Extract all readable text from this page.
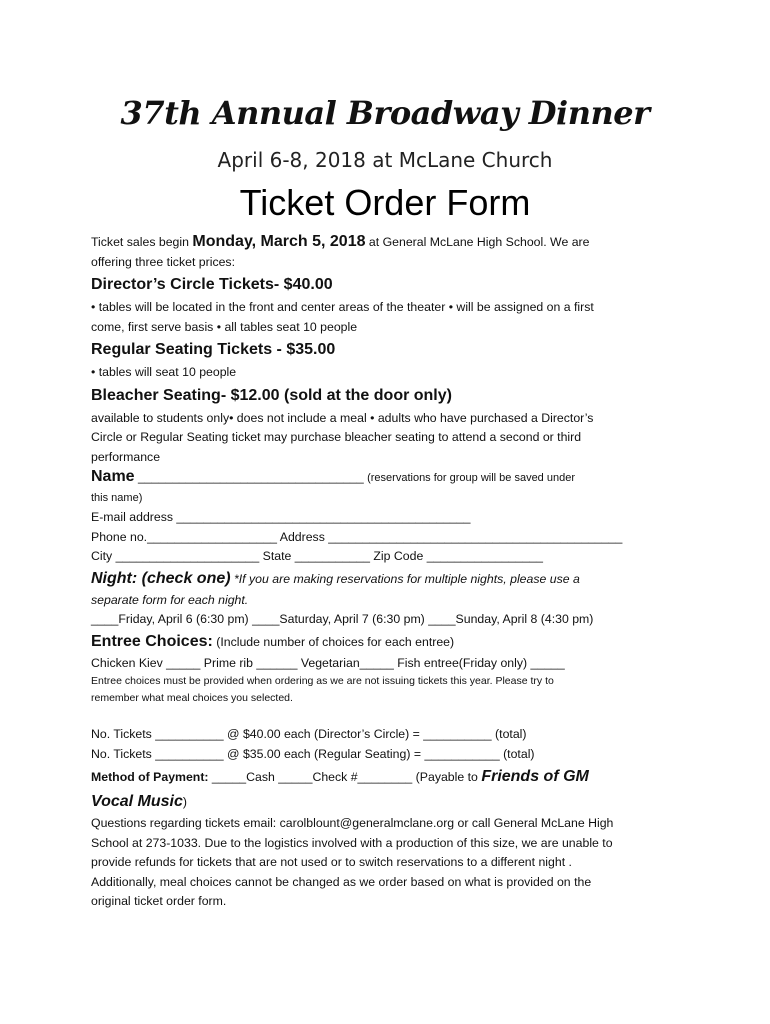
37th Annual Broadway Dinner
April 6-8, 2018 at McLane Church
Ticket Order Form
Ticket sales begin Monday, March 5, 2018 at General McLane High School. We are
offering three ticket prices:
Director’s Circle Tickets- $40.00
• tables will be located in the front and center areas of the theater • will be assigned on a first
come, first serve basis • all tables seat 10 people
Regular Seating Tickets - $35.00
• tables will seat 10 people
Bleacher Seating- $12.00 (sold at the door only)
available to students only• does not include a meal • adults who have purchased a Director’s
Circle or Regular Seating ticket may purchase bleacher seating to attend a second or third
performance
Name _________________________________ (reservations for group will be saved under
this name)
E-mail address ___________________________________________
Phone no.___________________ Address ___________________________________________
City _____________________ State ___________ Zip Code _________________
Night: (check one) *If you are making reservations for multiple nights, please use a
separate form for each night.
____Friday, April 6 (6:30 pm) ____Saturday, April 7 (6:30 pm) ____Sunday, April 8 (4:30 pm)
Entree Choices: (Include number of choices for each entree)
Chicken Kiev _____ Prime rib ______ Vegetarian_____ Fish entree(Friday only) _____
Entree choices must be provided when ordering as we are not issuing tickets this year. Please try to
remember what meal choices you selected.
No. Tickets __________ @ $40.00 each (Director’s Circle) = __________ (total)
No. Tickets __________ @ $35.00 each (Regular Seating) = ___________ (total)
Method of Payment: _____Cash _____Check #________ (Payable to Friends of GM
Vocal Music)
Questions regarding tickets email: carolblount@generalmclane.org or call General McLane High
School at 273-1033. Due to the logistics involved with a production of this size, we are unable to
provide refunds for tickets that are not used or to switch reservations to a different night .
Additionally, meal choices cannot be changed as we order based on what is provided on the
original ticket order form.
